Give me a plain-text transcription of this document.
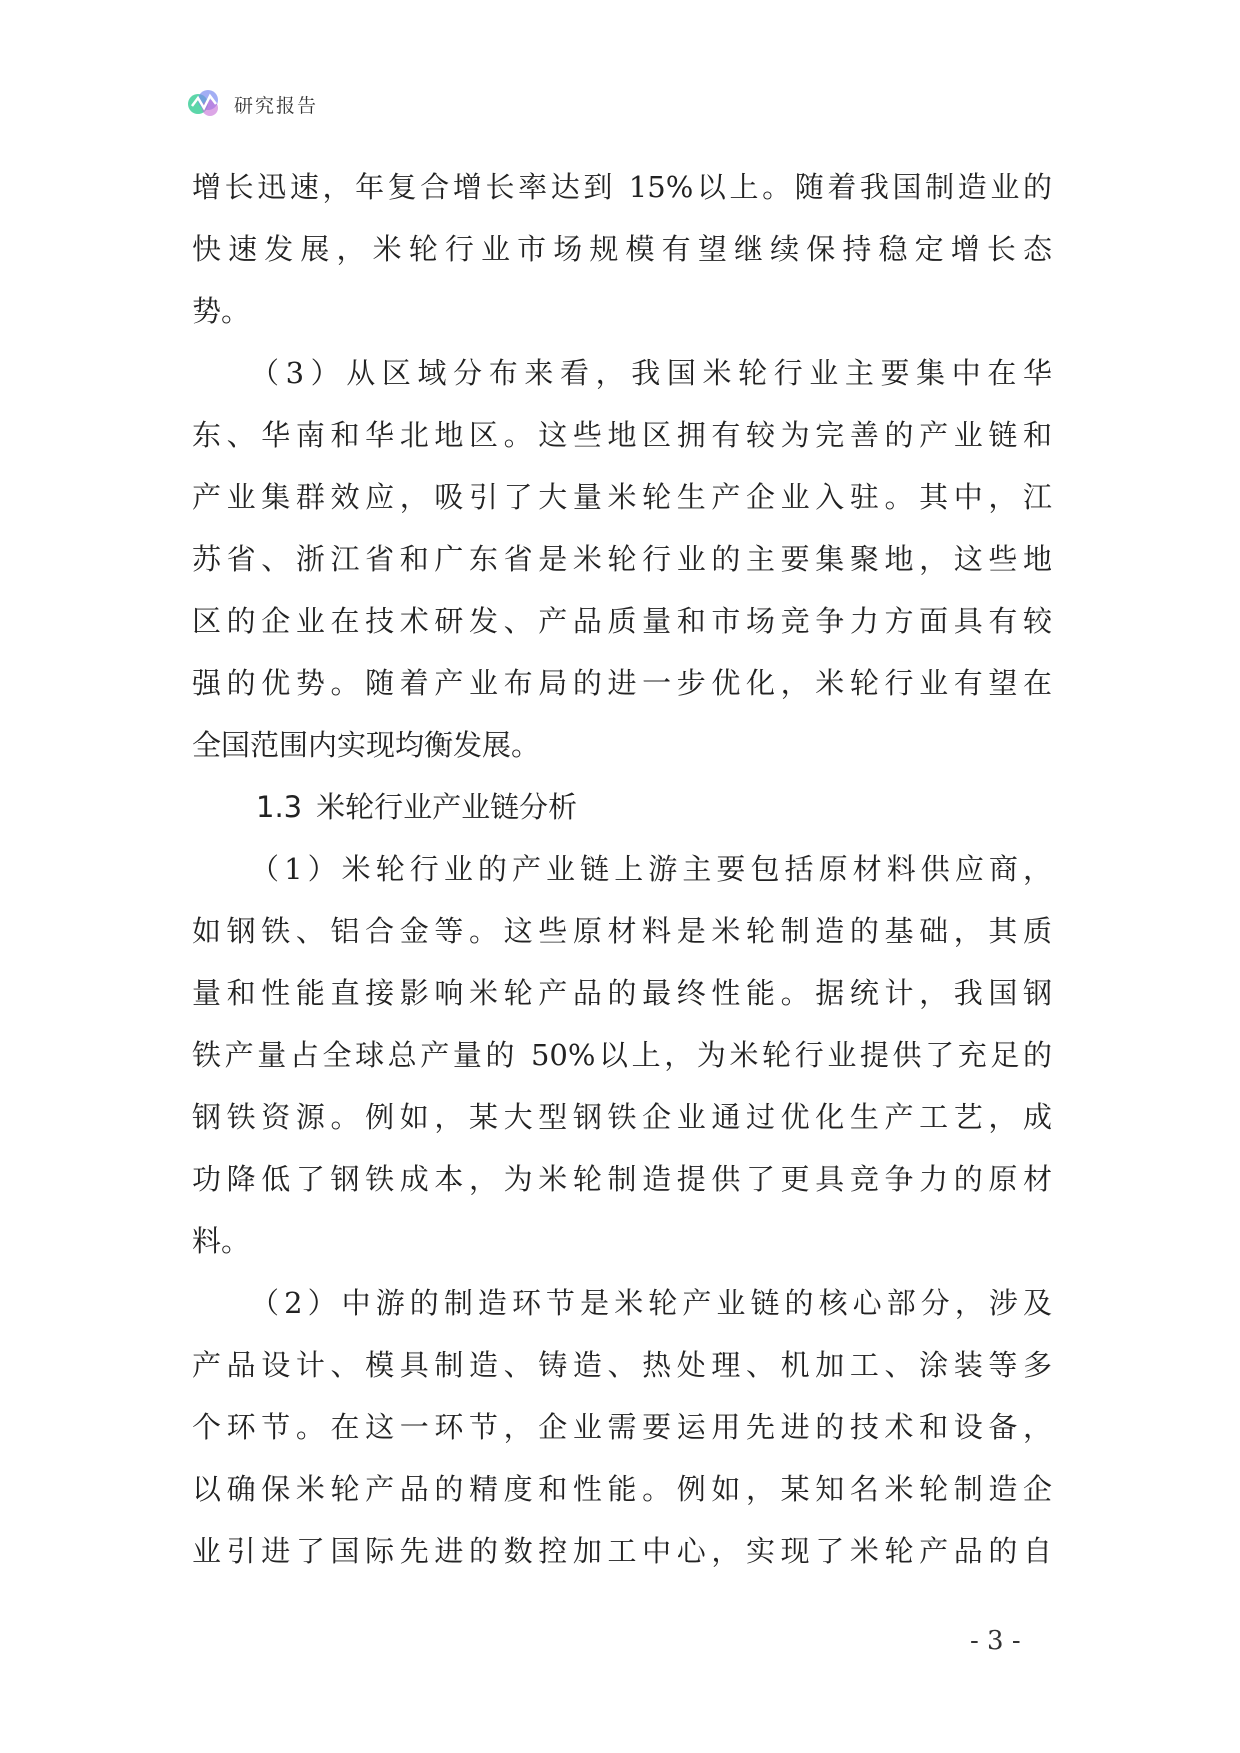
研究报告
增长迅速，年复合增长率达到 15%以上。随着我国制造业的
快速发展，米轮行业市场规模有望继续保持稳定增长态
势。
（3）从区域分布来看，我国米轮行业主要集中在华
东、华南和华北地区。这些地区拥有较为完善的产业链和
产业集群效应，吸引了大量米轮生产企业入驻。其中，江
苏省、浙江省和广东省是米轮行业的主要集聚地，这些地
区的企业在技术研发、产品质量和市场竞争力方面具有较
强的优势。随着产业布局的进一步优化，米轮行业有望在
全国范围内实现均衡发展。
1.3 米轮行业产业链分析
（1）米轮行业的产业链上游主要包括原材料供应商，
如钢铁、铝合金等。这些原材料是米轮制造的基础，其质
量和性能直接影响米轮产品的最终性能。据统计，我国钢
铁产量占全球总产量的 50%以上，为米轮行业提供了充足的
钢铁资源。例如，某大型钢铁企业通过优化生产工艺，成
功降低了钢铁成本，为米轮制造提供了更具竞争力的原材
料。
（2）中游的制造环节是米轮产业链的核心部分，涉及
产品设计、模具制造、铸造、热处理、机加工、涂装等多
个环节。在这一环节，企业需要运用先进的技术和设备，
以确保米轮产品的精度和性能。例如，某知名米轮制造企
业引进了国际先进的数控加工中心，实现了米轮产品的自
- 3 -
